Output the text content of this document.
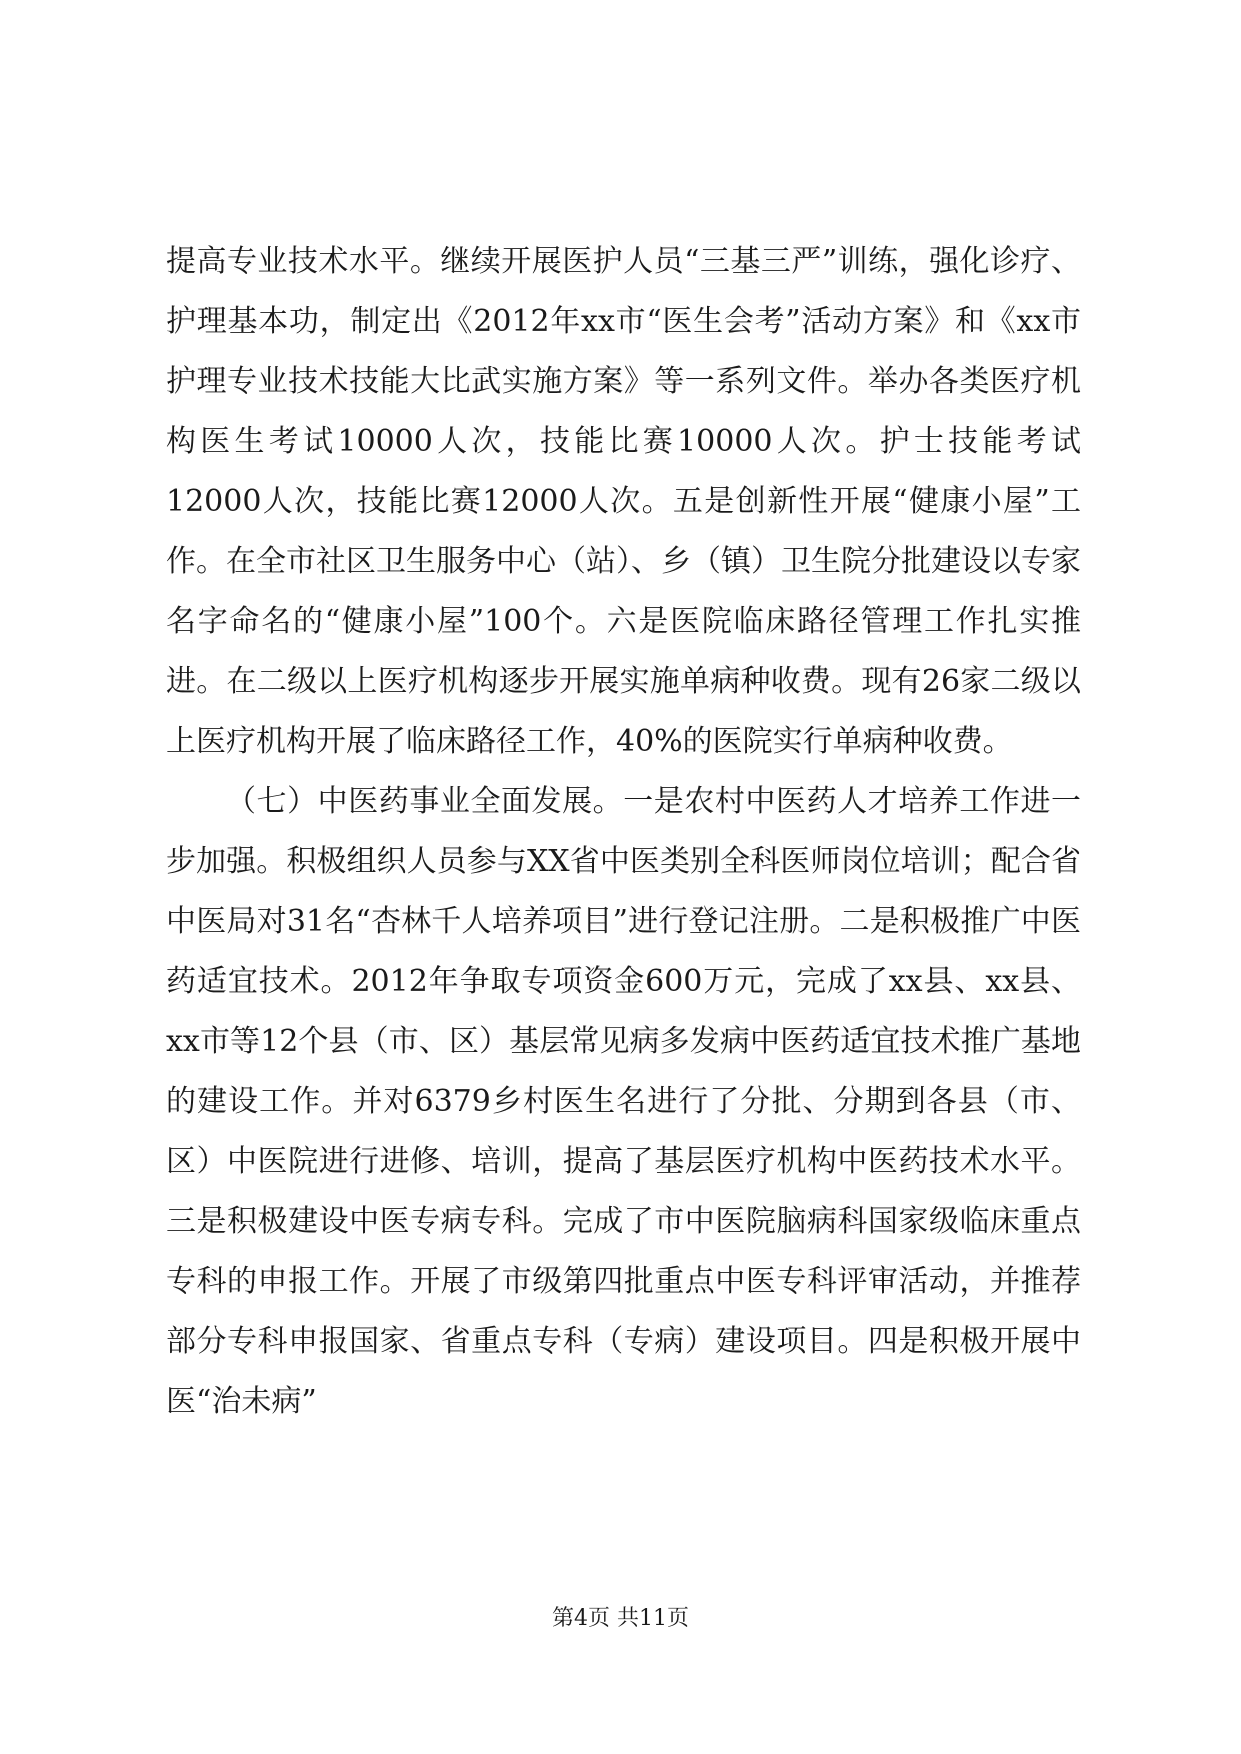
提高专业技术水平。继续开展医护人员“三基三严”训练，强化诊疗、护理基本功，制定出《2012年xx市“医生会考”活动方案》和《xx市护理专业技术技能大比武实施方案》等一系列文件。举办各类医疗机构医生考试10000人次，技能比赛10000人次。护士技能考试12000人次，技能比赛12000人次。五是创新性开展“健康小屋”工作。在全市社区卫生服务中心（站）、乡（镇）卫生院分批建设以专家名字命名的“健康小屋”100个。六是医院临床路径管理工作扎实推进。在二级以上医疗机构逐步开展实施单病种收费。现有26家二级以上医疗机构开展了临床路径工作，40%的医院实行单病种收费。

（七）中医药事业全面发展。一是农村中医药人才培养工作进一步加强。积极组织人员参与XX省中医类别全科医师岗位培训；配合省中医局对31名“杏林千人培养项目”进行登记注册。二是积极推广中医药适宜技术。2012年争取专项资金600万元，完成了xx县、xx县、xx市等12个县（市、区）基层常见病多发病中医药适宜技术推广基地的建设工作。并对6379乡村医生名进行了分批、分期到各县（市、区）中医院进行进修、培训，提高了基层医疗机构中医药技术水平。三是积极建设中医专病专科。完成了市中医院脑病科国家级临床重点专科的申报工作。开展了市级第四批重点中医专科评审活动，并推荐部分专科申报国家、省重点专科（专病）建设项目。四是积极开展中医“治未病”

第4页 共11页
